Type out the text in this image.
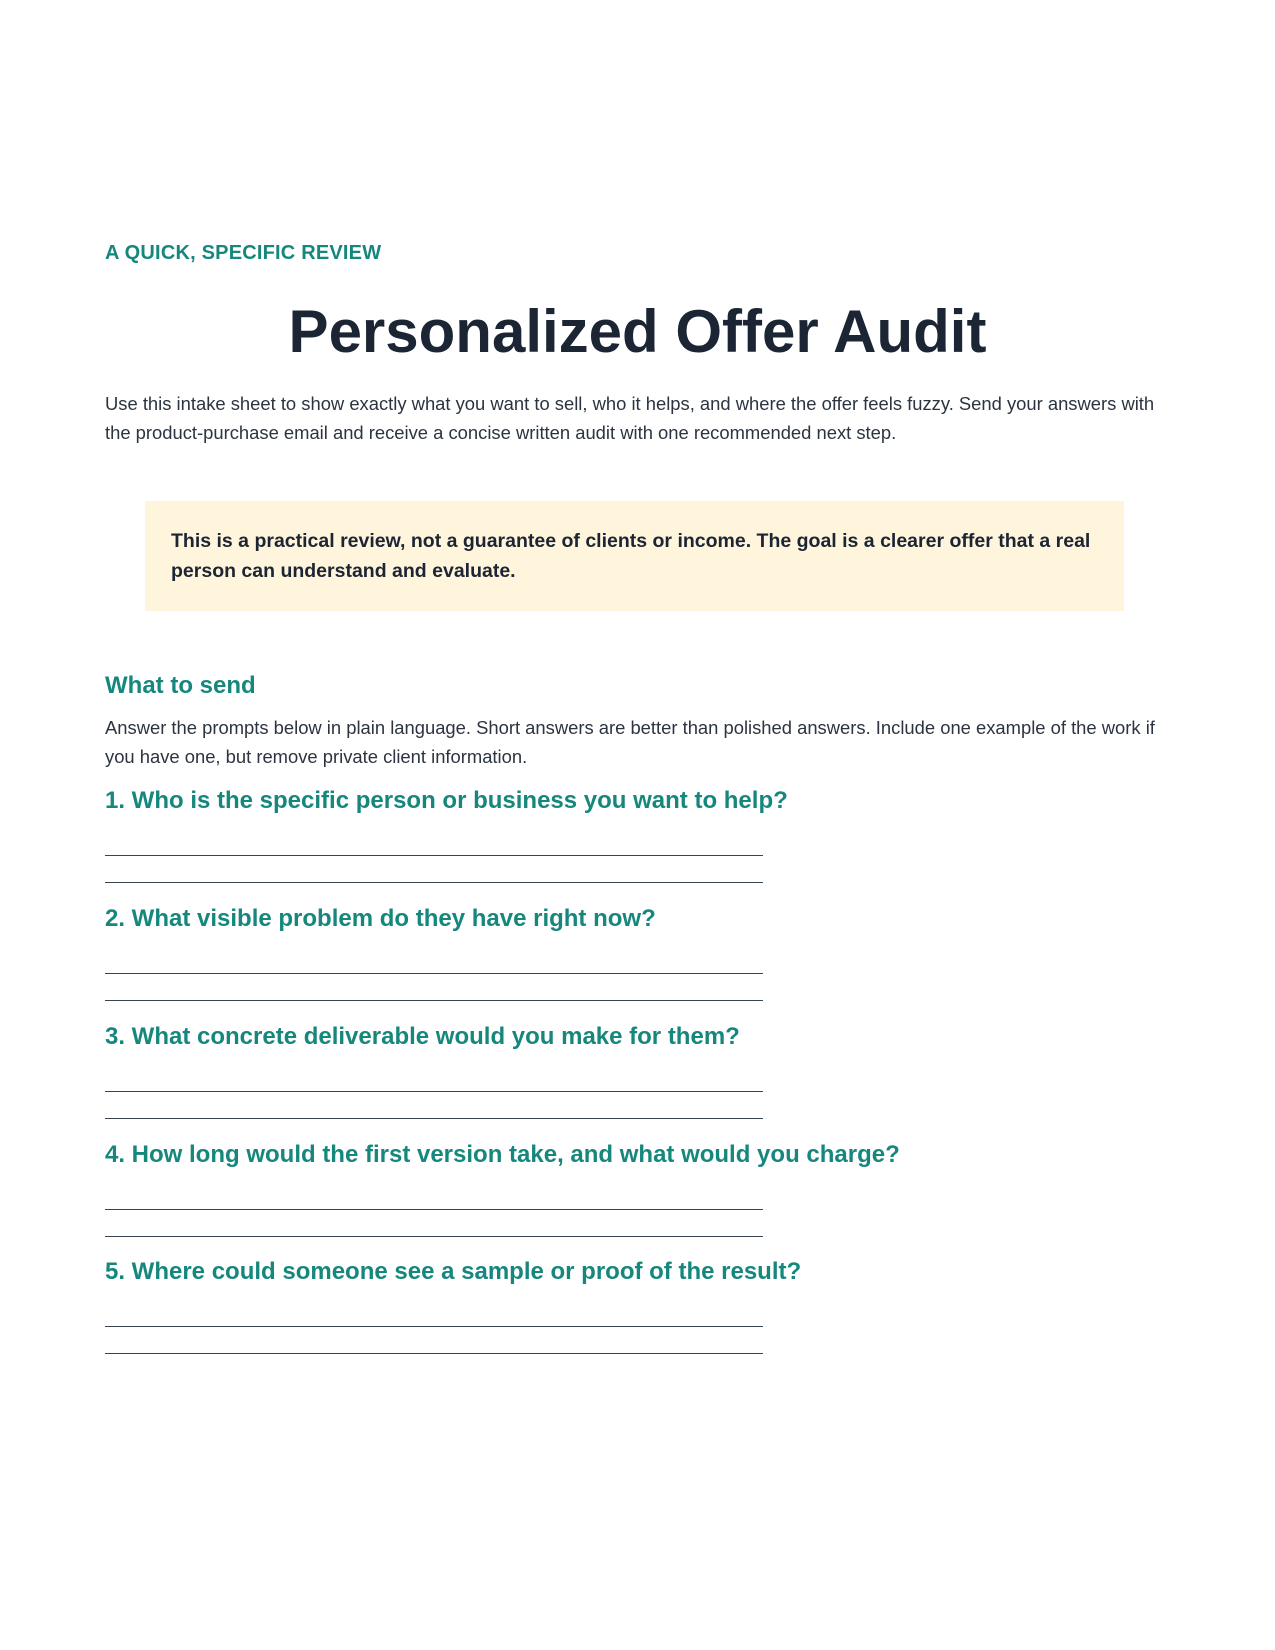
A QUICK, SPECIFIC REVIEW

Personalized Offer Audit

Use this intake sheet to show exactly what you want to sell, who it helps, and where the offer feels fuzzy. Send your answers with the product-purchase email and receive a concise written audit with one recommended next step.

This is a practical review, not a guarantee of clients or income. The goal is a clearer offer that a real person can understand and evaluate.
What to send

Answer the prompts below in plain language. Short answers are better than polished answers. Include one example of the work if you have one, but remove private client information.

1. Who is the specific person or business you want to help?
2. What visible problem do they have right now?
3. What concrete deliverable would you make for them?
4. How long would the first version take, and what would you charge?
5. Where could someone see a sample or proof of the result?
